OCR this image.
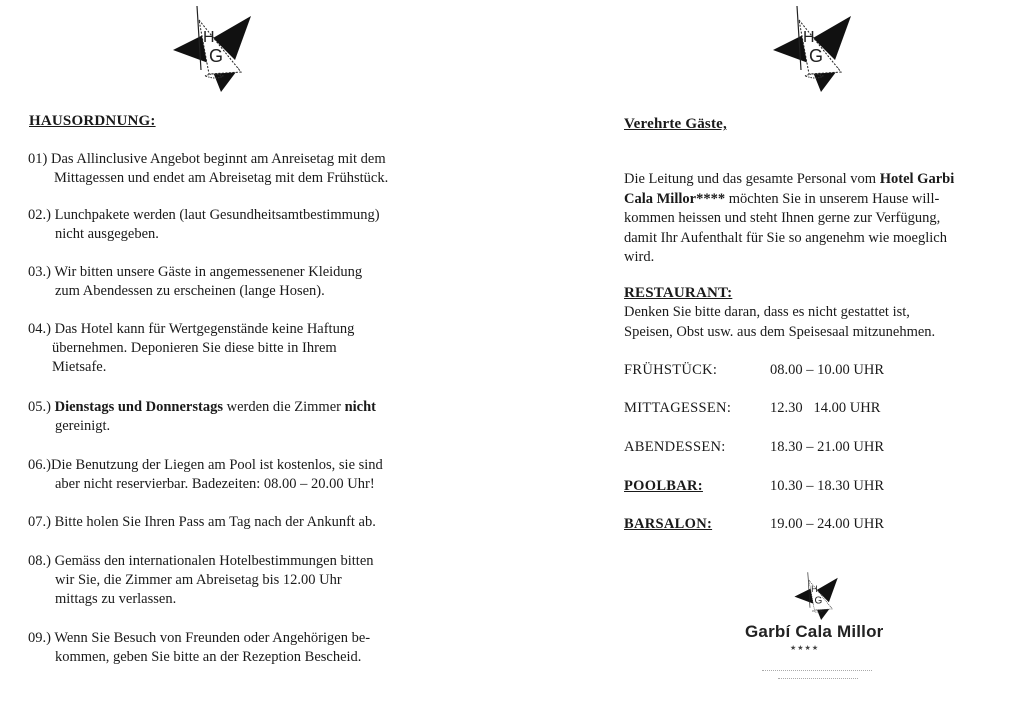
HAUSORDNUNG:
01) Das Allinclusive Angebot beginnt am Anreisetag mit dem
Mittagessen und endet am Abreisetag mit dem Frühstück.
02.) Lunchpakete werden (laut Gesundheitsamtbestimmung)
nicht ausgegeben.
03.) Wir bitten unsere Gäste in angemessenener Kleidung
zum Abendessen zu erscheinen (lange Hosen).
04.) Das Hotel kann für Wertgegenstände keine Haftung
übernehmen. Deponieren Sie diese bitte in Ihrem
Mietsafe.
05.) Dienstags und Donnerstags werden die Zimmer nicht
gereinigt.
06.)Die Benutzung der Liegen am Pool ist kostenlos, sie sind
aber nicht reservierbar. Badezeiten: 08.00 – 20.00 Uhr!
07.) Bitte holen Sie Ihren Pass am Tag nach der Ankunft ab.
08.) Gemäss den internationalen Hotelbestimmungen bitten
wir Sie, die Zimmer am Abreisetag bis 12.00 Uhr
mittags zu verlassen.
09.) Wenn Sie Besuch von Freunden oder Angehörigen be-
kommen, geben Sie bitte an der Rezeption Bescheid.
Verehrte Gäste,
Die Leitung und das gesamte Personal vom Hotel Garbi
Cala Millor**** möchten Sie in unserem Hause will-
kommen heissen und steht Ihnen gerne zur Verfügung,
damit Ihr Aufenthalt für Sie so angenehm wie moeglich
wird.
RESTAURANT:
Denken Sie bitte daran, dass es nicht gestattet ist,
Speisen, Obst usw. aus dem Speisesaal mitzunehmen.
FRÜHSTÜCK:	08.00 – 10.00 UHR
MITTAGESSEN:	12.30   14.00 UHR
ABENDESSEN:	18.30 – 21.00 UHR
POOLBAR:	10.30 – 18.30 UHR
BARSALON:	19.00 – 24.00 UHR
Garbí Cala Millor
★★★★
